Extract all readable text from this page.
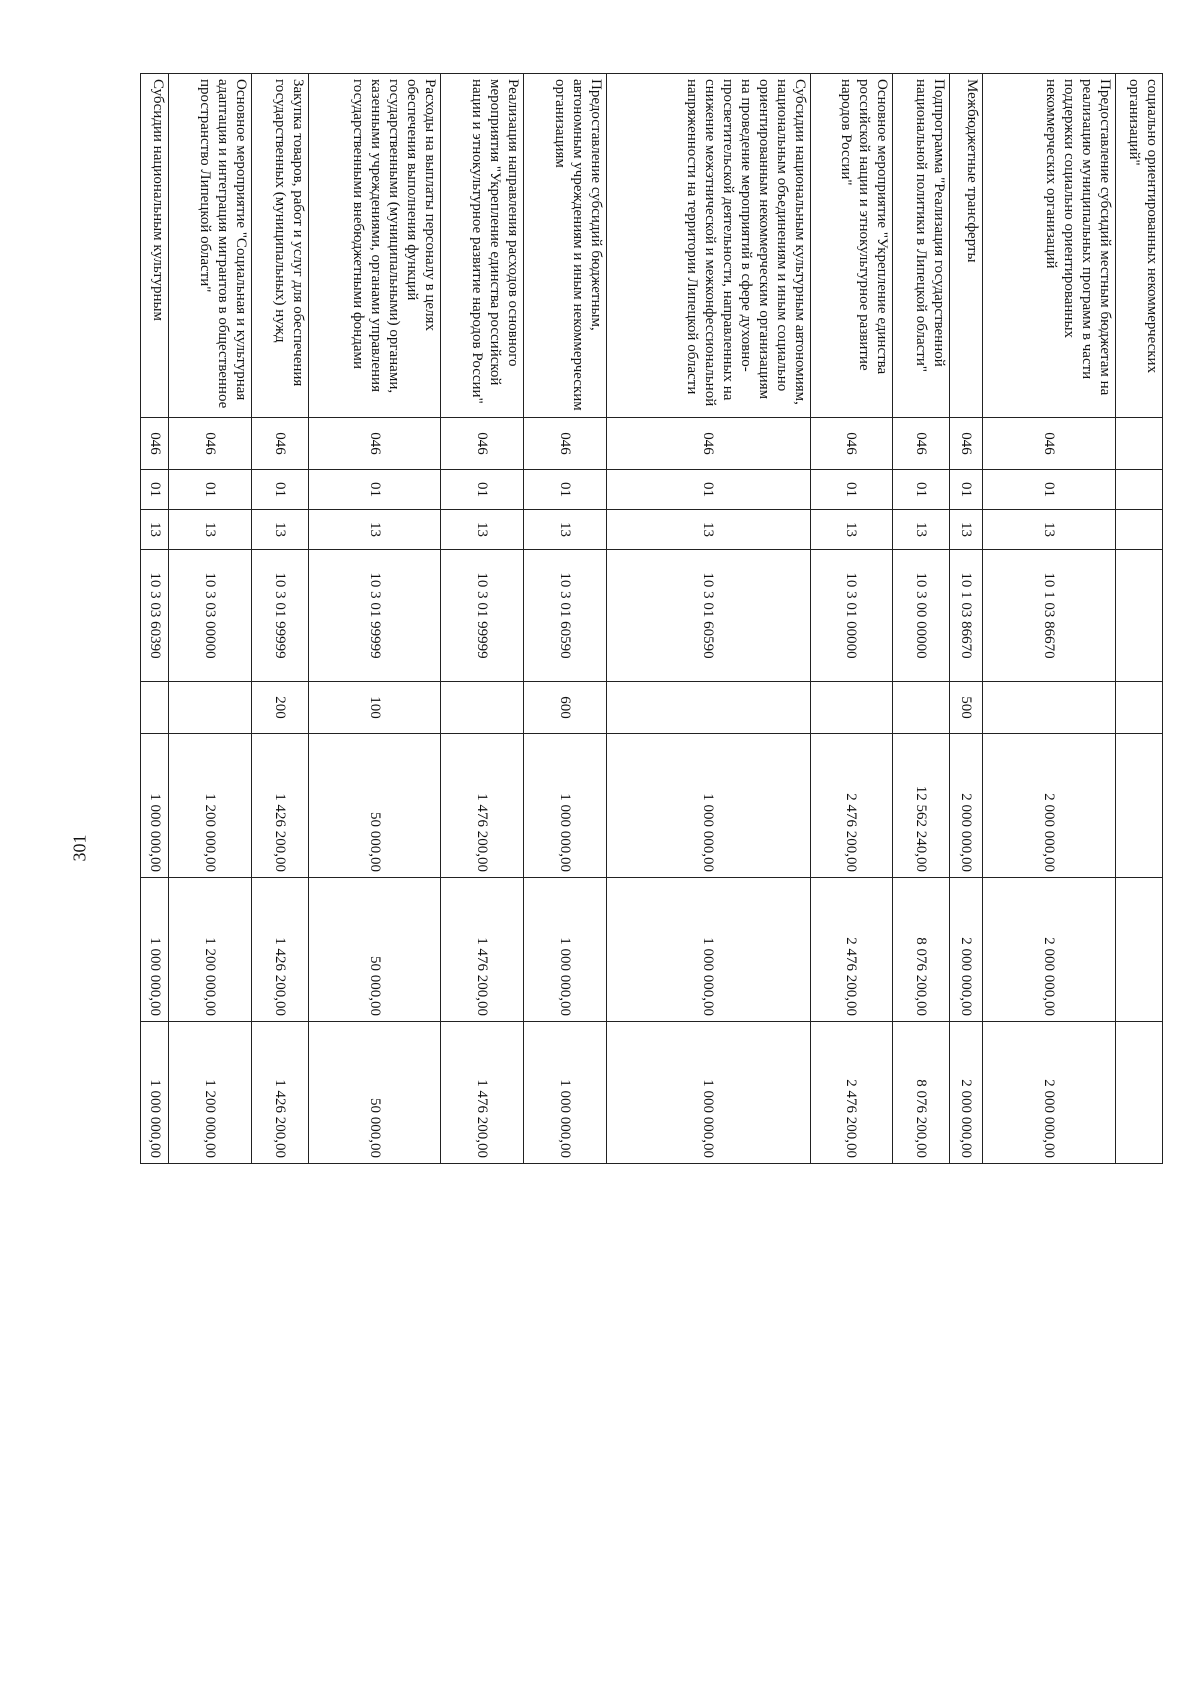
301
социально ориентированных некоммерческих организаций"								
Предоставление субсидий местным бюджетам на реализацию муниципальных программ в части поддержки социально ориентированных некоммерческих организаций	046	01	13	10 1 03 86670		2 000 000,00	2 000 000,00	2 000 000,00
Межбюджетные трансферты	046	01	13	10 1 03 86670	500	2 000 000,00	2 000 000,00	2 000 000,00
Подпрограмма "Реализация государственной национальной политики в Липецкой области"	046	01	13	10 3 00 00000		12 562 240,00	8 076 200,00	8 076 200,00
Основное мероприятие "Укрепление единства российской нации и этнокультурное развитие народов России"	046	01	13	10 3 01 00000		2 476 200,00	2 476 200,00	2 476 200,00
Субсидии национальным культурным автономиям, национальным объединениям и иным социально ориентированным некоммерческим организациям на проведение мероприятий в сфере духовно-просветительской деятельности, направленных на снижение межэтнической и межконфессиональной напряженности на территории Липецкой области	046	01	13	10 3 01 60590		1 000 000,00	1 000 000,00	1 000 000,00
Предоставление субсидий бюджетным, автономным учреждениям и иным некоммерческим организациям	046	01	13	10 3 01 60590	600	1 000 000,00	1 000 000,00	1 000 000,00
Реализация направления расходов основного мероприятия "Укрепление единства российской нации и этнокультурное развитие народов России"	046	01	13	10 3 01 99999		1 476 200,00	1 476 200,00	1 476 200,00
Расходы на выплаты персоналу в целях обеспечения выполнения функций государственными (муниципальными) органами, казенными учреждениями, органами управления государственными внебюджетными фондами	046	01	13	10 3 01 99999	100	50 000,00	50 000,00	50 000,00
Закупка товаров, работ и услуг для обеспечения государственных (муниципальных) нужд	046	01	13	10 3 01 99999	200	1 426 200,00	1 426 200,00	1 426 200,00
Основное мероприятие "Социальная и культурная адаптация и интеграция мигрантов в общественное пространство Липецкой области"	046	01	13	10 3 03 00000		1 200 000,00	1 200 000,00	1 200 000,00
Субсидии национальным культурным	046	01	13	10 3 03 60390		1 000 000,00	1 000 000,00	1 000 000,00
